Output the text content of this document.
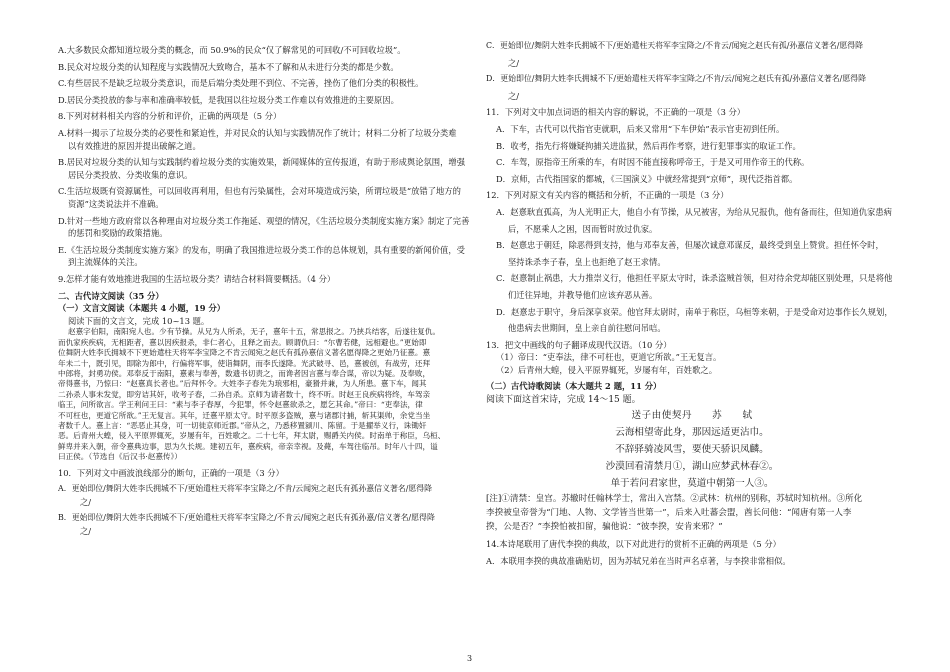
A.大多数民众都知道垃圾分类的概念，而 50.9%的民众“仅了解常见的可回收/不可回收垃圾”。
B.民众对垃圾分类的认知程度与实践情况大致吻合，基本不了解和从未进行分类的都是少数。
C.有些居民不是缺乏垃圾分类意识，而是后端分类处理不到位、不完善，挫伤了他们分类的积极性。
D.居民分类投放的参与率和准确率较低，是我国以往垃圾分类工作难以有效推进的主要原因。
8.下列对材料相关内容的分析和评价，正确的两项是（5 分）
A.材料一揭示了垃圾分类的必要性和紧迫性，并对民众的认知与实践情况作了统计；材料二分析了垃圾分类难
以有效推进的原因并提出破解之道。
B.居民对垃圾分类的认知与实践制约着垃圾分类的实施效果，新闻媒体的宣传报道，有助于形成舆论氛围，增强
居民分类投放、分类收集的意识。
C.生活垃圾既有资源属性，可以回收再利用，但也有污染属性，会对环境造成污染，所谓垃圾是“放错了地方的
资源”这类说法并不准确。
D.针对一些地方政府常以各种理由对垃圾分类工作拖延、观望的情况，《生活垃圾分类制度实施方案》制定了完善
的惩罚和奖励的政策措施。
E.《生活垃圾分类制度实施方案》的发布，明确了我国推进垃圾分类工作的总体规划，具有重要的新闻价值，受
到主流媒体的关注。
9.怎样才能有效地推进我国的生活垃圾分类？请结合材料简要概括。（4 分）
二、古代诗文阅读（35 分）
（一）文言文阅读（本题共 4 小题，19 分）
阅读下面的文言文，完成 10~13 题。
赵憙字伯阳，南阳宛人也。少有节操。从兄为人所杀，无子，憙年十五，常思报之。乃挟兵结客，后遂往复仇。
而仇家疾疾病，无相距者，憙以因疾报杀，非仁者心，且释之而去。顾谓仇曰：“尔曹若健，远相避也。”更始即
位舞阴大姓李氏拥城不下更始遣柱天将军李宝降之不肯云闻宛之赵氏有孤孙憙信义著名愿得降之更始乃征憙。憙
年未二十，既引见，即除为郎中，行偏将军事，使诣舞阴，而李氏遂降。光武破寻、邑，憙被创，有战劳，还拜
中郎将，封勇功侯。邓奉反于南阳，憙素与奉善，数遗书切责之，而谗者因言憙与奉合谋，帝以为疑。及奉败，
帝得憙书，乃惊曰：“赵憙真长者也。”后拜怀令。大姓李子春先为琅邪相，豪猾并兼，为人所患。憙下车，闻其
二孙杀人事未发觉，即穷诘其奸，收考子春，二孙自杀。京师为请者数十，终不听。时赵王良疾病将终，车驾亲
临王，问所欲言。学王利问王曰：“素与李子春厚，今犯罪，怀令赵憙欲杀之，愿乞其命。”帝曰：“吏奉法，律
不可枉也，更道它所欲。”王无复言。其年，迁憙平原太守。时平原多盗贼，憙与诸郡讨捕，斩其渠帅，余党当坐
者数千人。憙上言：“恶恶止其身，可一切徙京师近郡。”帝从之，乃悉移置颍川、陈留。于是擢举义行，诛锄奸
恶。后青州大蝗，侵入平原界辄死，岁屡有年，百姓歌之。二十七年，拜太尉，赐爵关内侯。时南单于称臣，乌桓、
鲜卑并来入朝，帝令憙典边事，思为久长规。建初五年，憙疾病，帝亲幸视。及薨，车驾往临吊。时年八十四，谥
曰正侯。（节选自《后汉书·赵憙传》）
10．下列对文中画波浪线部分的断句，正确的一项是（3 分）
A．更始即位/舞阴大姓李氏拥城不下/更始遣柱天将军李宝降之/不肯/云闻宛之赵氏有孤孙憙信义著名/愿得降
之/
B．更始即位/舞阴大姓李氏拥城不下/更始遣柱天将军李宝降之/不肯云/闻宛之赵氏有孤孙憙/信义著名/愿得降
之/
C．更始即位/舞阴大姓李氏拥城不下/更始遣柱天将军李宝降之/不肯云/闻宛之赵氏有孤/孙憙信义著名/愿得降
之/
D．更始即位/舞阴大姓李氏拥城不下/更始遣柱天将军李宝降之/不肯/云/闻宛之赵氏有孤/孙憙信义著名/愿得降
之/
11．下列对文中加点词语的相关内容的解说，不正确的一项是（3 分）
A．下车，古代可以代指官吏就职，后来又常用“下车伊始”表示官吏初到任所。
B．收考，指先行将嫌疑拘捕关进监狱，然后再作考察，进行犯罪事实的取证工作。
C．车驾，原指帝王所乘的车，有时因不能直接称呼帝王，于是又可用作帝王的代称。
D．京师，古代指国家的都城，《三国演义》中就经常提到“京师”，现代泛指首都。
12．下列对原文有关内容的概括和分析，不正确的一项是（3 分）
A．赵憙耿直孤高，为人光明正大，他自小有节操，从兄被害，为给从兄报仇，他有备而往，但知道仇家患病
后，不愿乘人之困，因而暂时放过仇家。
B．赵憙忠于朝廷，除恶得到支持，他与邓奉友善，但屡次诚意邓谋反，最终受到皇上赞赏。担任怀令时，
坚持诛杀李子春，皇上也拒绝了赵王求情。
C．赵憙制止祸患，大力推崇义行，他担任平原太守时，诛杀盗贼首领，但对待余党却能区别处理，只是将他
们迁往异地，并教导他们应该弃恶从善。
D．赵憙忠于职守，身后深享哀荣。他官拜太尉时，南单于称臣，乌桓等来朝，于是受命对边事作长久规划，
他患病去世期间，皇上亲自前往慰问吊唁。
13．把文中画线的句子翻译成现代汉语。（10 分）
（1）帝曰：“吏奉法，律不可枉也，更道它所欲。”王无复言。
（2）后青州大蝗，侵入平原界辄死，岁屡有年，百姓歌之。
（二）古代诗歌阅读（本大题共 2 题，11 分）
阅读下面这首宋诗，完成 14～15 题。
送子由使契丹　　苏　　轼
云海相望寄此身，那因远适更沾巾。
不辞驿骑凌风雪，要使天骄识凤麟。
沙漠回看清禁月①，湖山应梦武林春②。
单于若问君家世，莫道中朝第一人③。
[注]①清禁：皇宫。苏辙时任翰林学士，常出入宫禁。②武林：杭州的别称，苏轼时知杭州。③所化
李揆被皇帝誉为“门地、人物、文学皆当世第一”，后来入吐蕃会盟，酋长问他：“闻唐有第一人李
揆，公是否？”李揆怕被扣留，骗他说：“彼李揆，安肯来邪？”
14.本诗尾联用了唐代李揆的典故，以下对此进行的赏析不正确的两项是（5 分）
A．本联用李揆的典故准确贴切，因为苏轼兄弟在当时声名卓著，与李揆非常相似。
3
